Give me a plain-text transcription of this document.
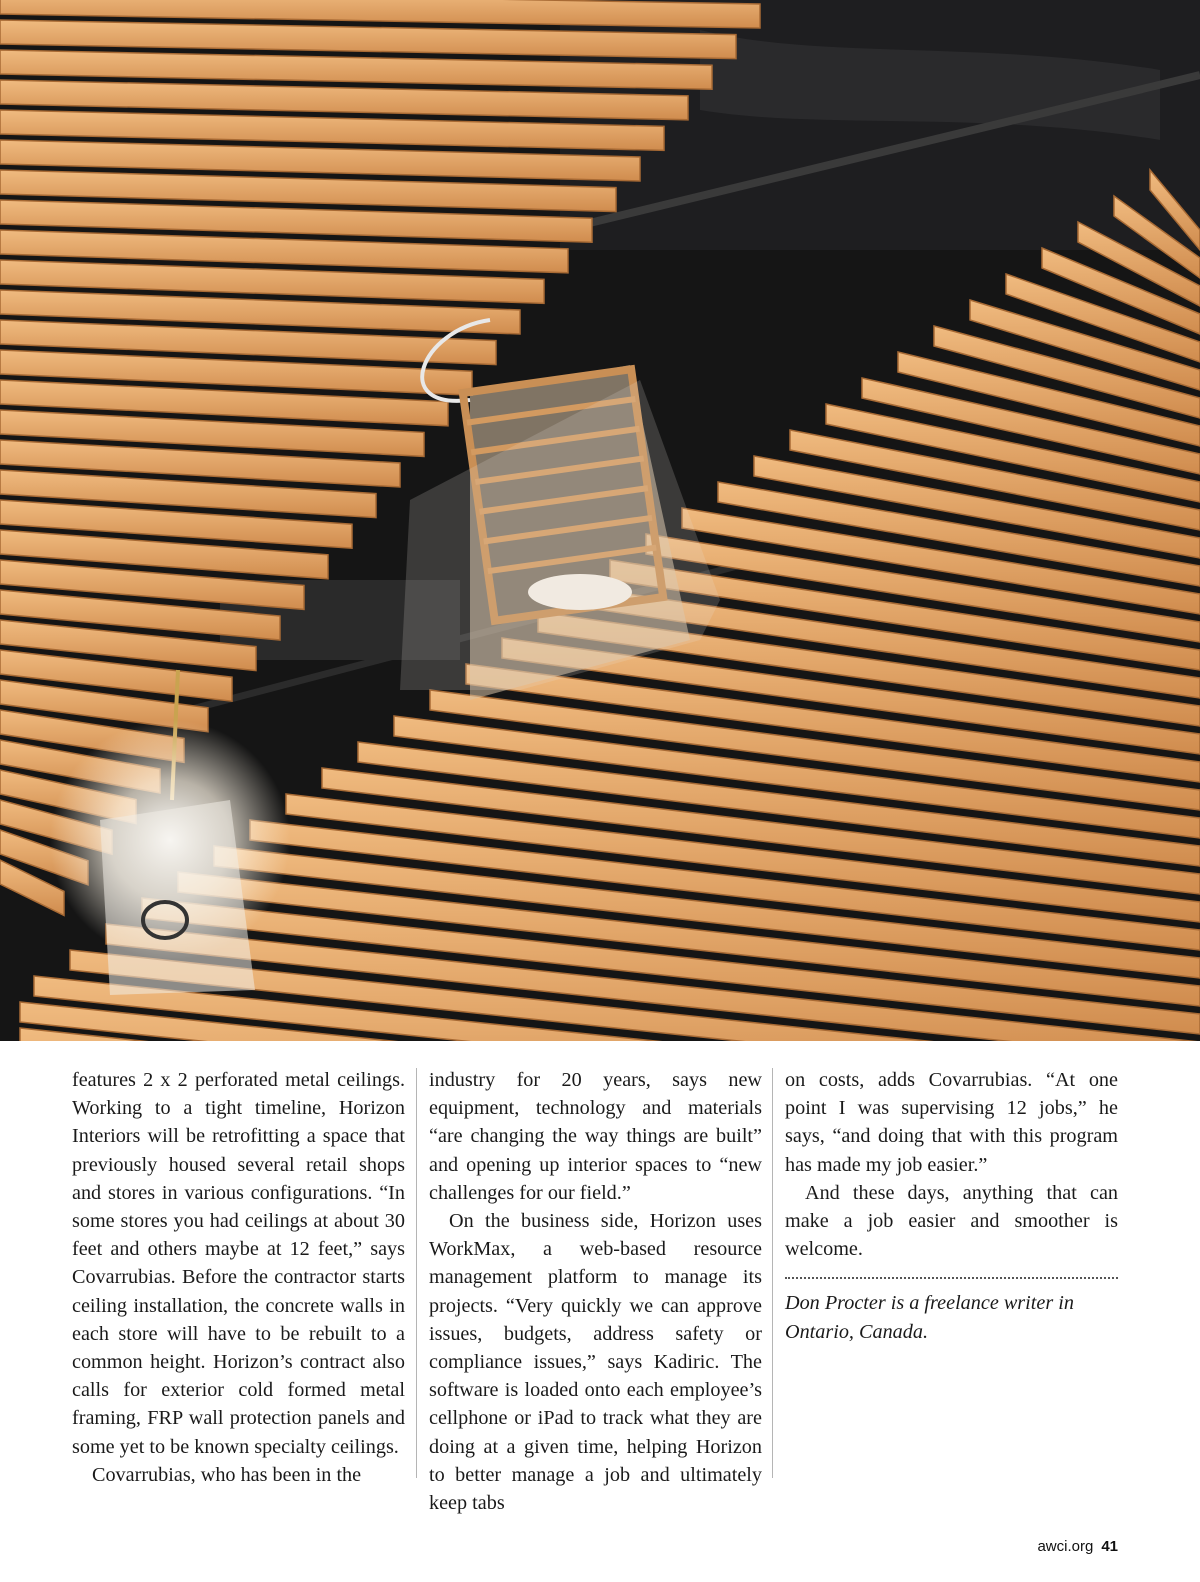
features 2 x 2 perforated metal ceilings. Working to a tight timeline, Horizon Interiors will be retrofitting a space that previously housed several retail shops and stores in various configurations. “In some stores you had ceilings at about 30 feet and others maybe at 12 feet,” says Covarrubias. Before the contractor starts ceiling installation, the concrete walls in each store will have to be rebuilt to a common height. Horizon’s contract also calls for exterior cold formed metal framing, FRP wall protection panels and some yet to be known specialty ceilings.

Covarrubias, who has been in the

industry for 20 years, says new equipment, technology and materials “are changing the way things are built” and opening up interior spaces to “new challenges for our field.”

On the business side, Horizon uses WorkMax, a web-based resource management platform to manage its projects. “Very quickly we can approve issues, budgets, address safety or compliance issues,” says Kadiric. The software is loaded onto each employee’s cellphone or iPad to track what they are doing at a given time, helping Horizon to better manage a job and ultimately keep tabs

on costs, adds Covarrubias. “At one point I was supervising 12 jobs,” he says, “and doing that with this program has made my job easier.”

And these days, anything that can make a job easier and smoother is welcome.

Don Procter is a freelance writer in Ontario, Canada.

awci.org 41
